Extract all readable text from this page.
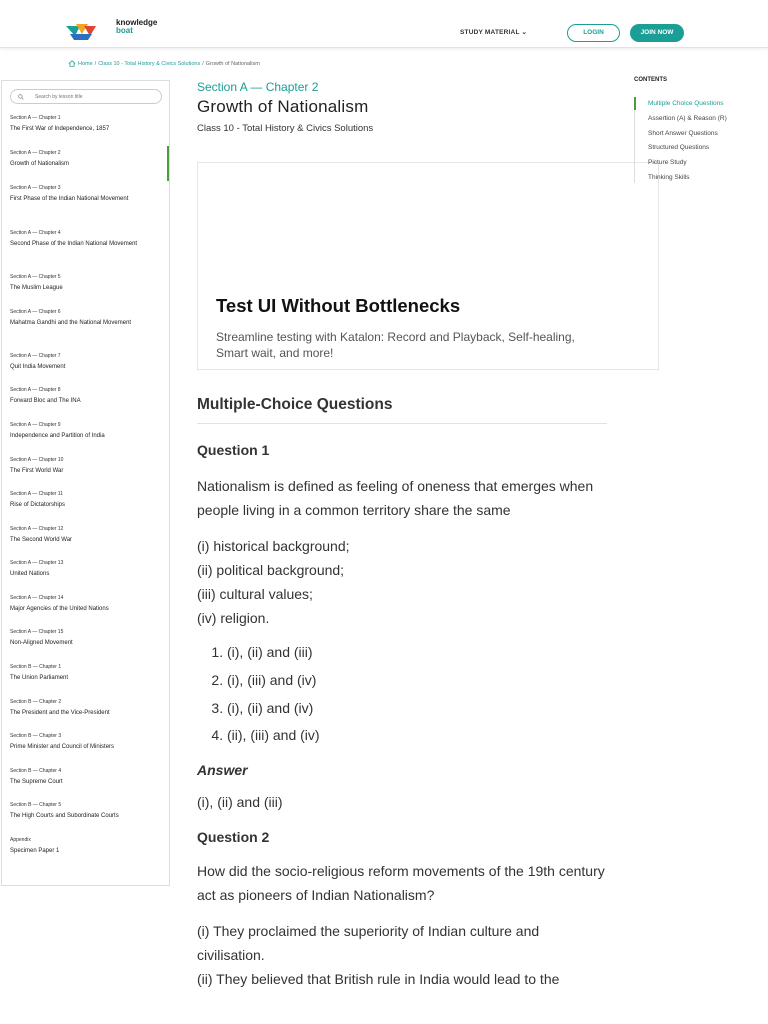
knowledge
boat	STUDY MATERIAL ⌄	LOGIN	JOIN NOW
Home / Class 10 - Total History & Civics Solutions / Growth of Nationalism
Search by lesson title
Section A — Chapter 1
The First War of Independence, 1857
Section A — Chapter 2
Growth of Nationalism
Section A — Chapter 3
First Phase of the Indian National Movement
Section A — Chapter 4
Second Phase of the Indian National Movement
Section A — Chapter 5
The Muslim League
Section A — Chapter 6
Mahatma Gandhi and the National Movement
Section A — Chapter 7
Quit India Movement
Section A — Chapter 8
Forward Bloc and The INA
Section A — Chapter 9
Independence and Partition of India
Section A — Chapter 10
The First World War
Section A — Chapter 11
Rise of Dictatorships
Section A — Chapter 12
The Second World War
Section A — Chapter 13
United Nations
Section A — Chapter 14
Major Agencies of the United Nations
Section A — Chapter 15
Non-Aligned Movement
Section B — Chapter 1
The Union Parliament
Section B — Chapter 2
The President and the Vice-President
Section B — Chapter 3
Prime Minister and Council of Ministers
Section B — Chapter 4
The Supreme Court
Section B — Chapter 5
The High Courts and Subordinate Courts
Appendix
Specimen Paper 1
Section A — Chapter 2
Growth of Nationalism
Class 10 - Total History & Civics Solutions
Test UI Without Bottlenecks
Streamline testing with Katalon: Record and Playback, Self-healing, Smart wait, and more!
CONTENTS
Multiple Choice Questions
Assertion (A) & Reason (R)
Short Answer Questions
Structured Questions
Picture Study
Thinking Skills
Multiple-Choice Questions
Question 1

Nationalism is defined as feeling of oneness that emerges when people living in a common territory share the same

(i) historical background;
(ii) political background;
(iii) cultural values;
(iv) religion.
1. (i), (ii) and (iii)
2. (i), (iii) and (iv)
3. (i), (ii) and (iv)
4. (ii), (iii) and (iv)
Answer

(i), (ii) and (iii)

Question 2

How did the socio-religious reform movements of the 19th century act as pioneers of Indian Nationalism?

(i) They proclaimed the superiority of Indian culture and civilisation.
(ii) They believed that British rule in India would lead to the
